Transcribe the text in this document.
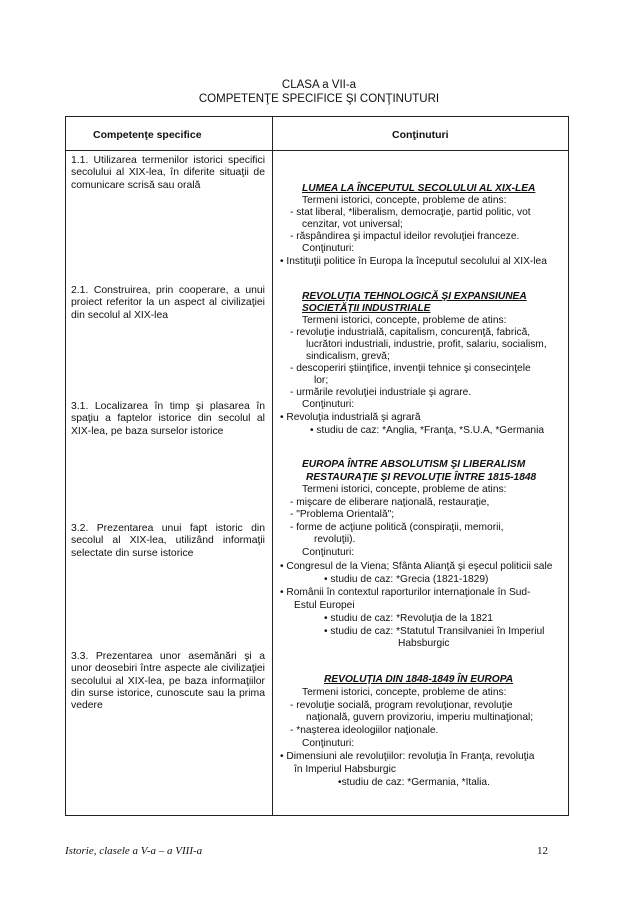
CLASA a VII-a
COMPETENŢE SPECIFICE ŞI CONŢINUTURI
Competenţe specifice	Conţinuturi
1.1. Utilizarea termenilor istorici specifici secolului al XIX-lea, în diferite situaţii de comunicare scrisă sau orală
2.1. Construirea, prin cooperare, a unui proiect referitor la un aspect al civilizaţiei din secolul al XIX-lea
3.1. Localizarea în timp şi plasarea în spaţiu a faptelor istorice din secolul al XIX-lea, pe baza surselor istorice
3.2. Prezentarea unui fapt istoric din secolul al XIX-lea, utilizând informaţii selectate din surse istorice
3.3. Prezentarea unor asemănări şi a unor deosebiri între aspecte ale civilizaţiei secolului al XIX-lea, pe baza informaţiilor din surse istorice, cunoscute sau la prima vedere
LUMEA LA ÎNCEPUTUL SECOLULUI AL XIX-LEA
Termeni istorici, concepte, probleme de atins:
- stat liberal, *liberalism, democraţie, partid politic, vot
cenzitar, vot universal;
- răspândirea şi impactul ideilor revoluţiei franceze.
Conţinuturi:
• Instituţii politice în Europa la începutul secolului al XIX-lea
REVOLUŢIA TEHNOLOGICĂ ŞI EXPANSIUNEA
SOCIETĂŢII INDUSTRIALE
Termeni istorici, concepte, probleme de atins:
- revoluţie industrială, capitalism, concurenţă, fabrică,
lucrători industriali, industrie, profit, salariu, socialism,
sindicalism, grevă;
- descoperiri ştiinţifice, invenţii tehnice şi consecinţele
lor;
- urmările revoluţiei industriale şi agrare.
Conţinuturi:
• Revoluţia industrială şi agrară
• studiu de caz: *Anglia, *Franţa, *S.U.A, *Germania
EUROPA ÎNTRE ABSOLUTISM ŞI LIBERALISM
RESTAURAŢIE ŞI REVOLUŢIE ÎNTRE 1815-1848
Termeni istorici, concepte, probleme de atins:
- mişcare de eliberare naţională, restauraţie,
- "Problema Orientală";
- forme de acţiune politică (conspiraţii, memorii,
revoluţii).
Conţinuturi:
• Congresul de la Viena; Sfânta Alianţă şi eşecul politicii sale
• studiu de caz: *Grecia (1821-1829)
• Românii în contextul raporturilor internaţionale în Sud-
Estul Europei
• studiu de caz: *Revoluţia de la 1821
• studiu de caz: *Statutul Transilvaniei în Imperiul
Habsburgic
REVOLUŢIA DIN 1848-1849 ÎN EUROPA
Termeni istorici, concepte, probleme de atins:
- revoluţie socială, program revoluţionar, revoluţie
naţională, guvern provizoriu, imperiu multinaţional;
- *naşterea ideologiilor naţionale.
Conţinuturi:
• Dimensiuni ale revoluţiilor: revoluţia în Franţa, revoluţia
în Imperiul Habsburgic
•studiu de caz: *Germania, *Italia.
Istorie, clasele a V-a – a VIII-a	12
